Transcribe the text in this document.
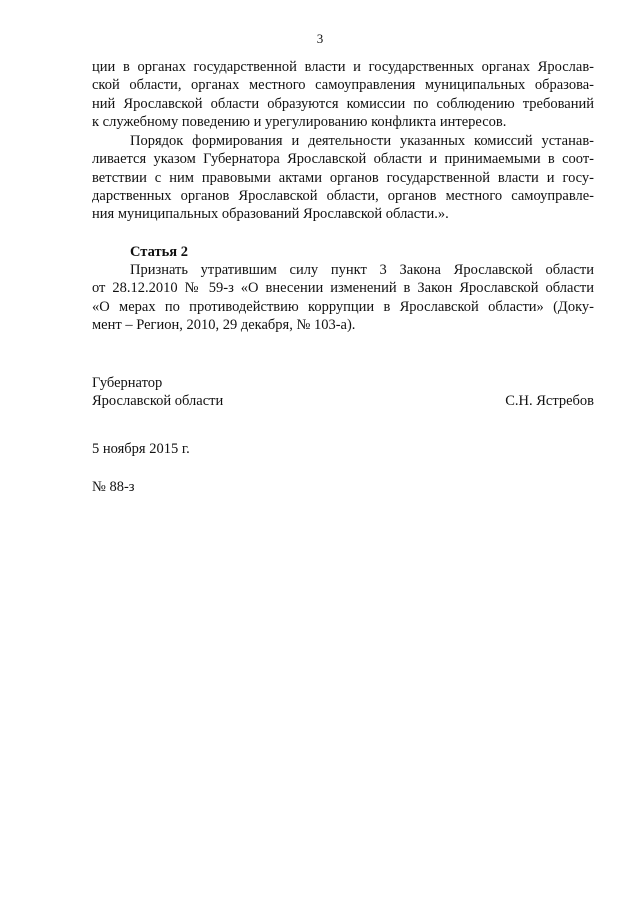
3
ции в органах государственной власти и государственных органах Ярослав-
ской области, органах местного самоуправления муниципальных образова-
ний Ярославской области образуются комиссии по соблюдению требований
к служебному поведению и урегулированию конфликта интересов.
Порядок формирования и деятельности указанных комиссий устанав-
ливается указом Губернатора Ярославской области и принимаемыми в соот-
ветствии с ним правовыми актами органов государственной власти и госу-
дарственных органов Ярославской области, органов местного самоуправле-
ния муниципальных образований Ярославской области.».
Статья 2
Признать утратившим силу пункт 3 Закона Ярославской области
от 28.12.2010 № 59-з «О внесении изменений в Закон Ярославской области
«О мерах по противодействию коррупции в Ярославской области» (Доку-
мент – Регион, 2010, 29 декабря, № 103-а).
Губернатор
Ярославской области	С.Н. Ястребов
5 ноября 2015 г.
№ 88-з
